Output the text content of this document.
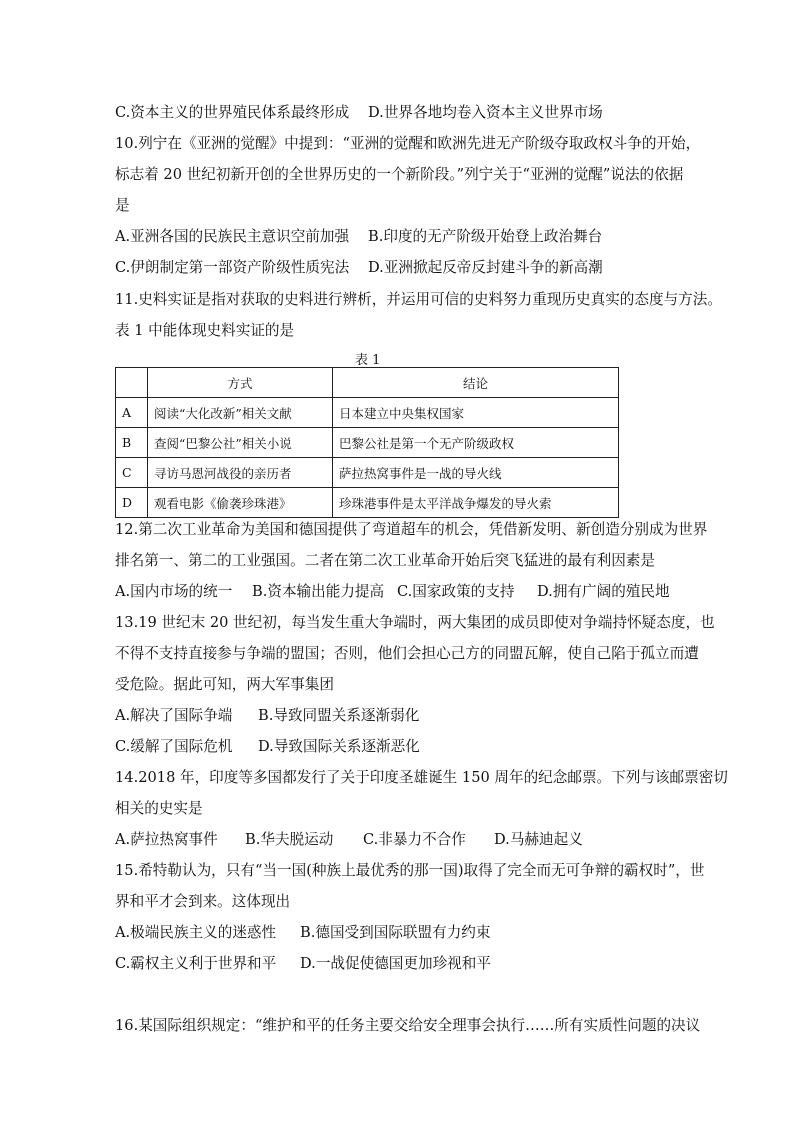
C.资本主义的世界殖民体系最终形成 D.世界各地均卷入资本主义世界市场
10.列宁在《亚洲的觉醒》中提到：“亚洲的觉醒和欧洲先进无产阶级夺取政权斗争的开始，
标志着 20 世纪初新开创的全世界历史的一个新阶段。”列宁关于“亚洲的觉醒”说法的依据
是
A.亚洲各国的民族民主意识空前加强 B.印度的无产阶级开始登上政治舞台
C.伊朗制定第一部资产阶级性质宪法 D.亚洲掀起反帝反封建斗争的新高潮
11.史料实证是指对获取的史料进行辨析，并运用可信的史料努力重现历史真实的态度与方法。
表 1 中能体现史料实证的是
表 1
	方式	结论
A	阅读“大化改新”相关文献	日本建立中央集权国家
B	查阅“巴黎公社”相关小说	巴黎公社是第一个无产阶级政权
C	寻访马恩河战役的亲历者	萨拉热窝事件是一战的导火线
D	观看电影《偷袭珍珠港》	珍珠港事件是太平洋战争爆发的导火索
12.第二次工业革命为美国和德国提供了弯道超车的机会，凭借新发明、新创造分别成为世界
排名第一、第二的工业强国。二者在第二次工业革命开始后突飞猛进的最有利因素是
A.国内市场的统一 B.资本输出能力提高 C.国家政策的支持 D.拥有广阔的殖民地
13.19 世纪末 20 世纪初，每当发生重大争端时，两大集团的成员即使对争端持怀疑态度，也
不得不支持直接参与争端的盟国；否则，他们会担心己方的同盟瓦解，使自己陷于孤立而遭
受危险。据此可知，两大军事集团
A.解决了国际争端 B.导致同盟关系逐渐弱化
C.缓解了国际危机 D.导致国际关系逐渐恶化
14.2018 年，印度等多国都发行了关于印度圣雄诞生 150 周年的纪念邮票。下列与该邮票密切
相关的史实是
A.萨拉热窝事件 B.华夫脱运动 C.非暴力不合作 D.马赫迪起义
15.希特勒认为，只有“当一国(种族上最优秀的那一国)取得了完全而无可争辩的霸权时”，世
界和平才会到来。这体现出
A.极端民族主义的迷惑性 B.德国受到国际联盟有力约束
C.霸权主义利于世界和平 D.一战促使德国更加珍视和平
16.某国际组织规定：“维护和平的任务主要交给安全理事会执行……所有实质性问题的决议
